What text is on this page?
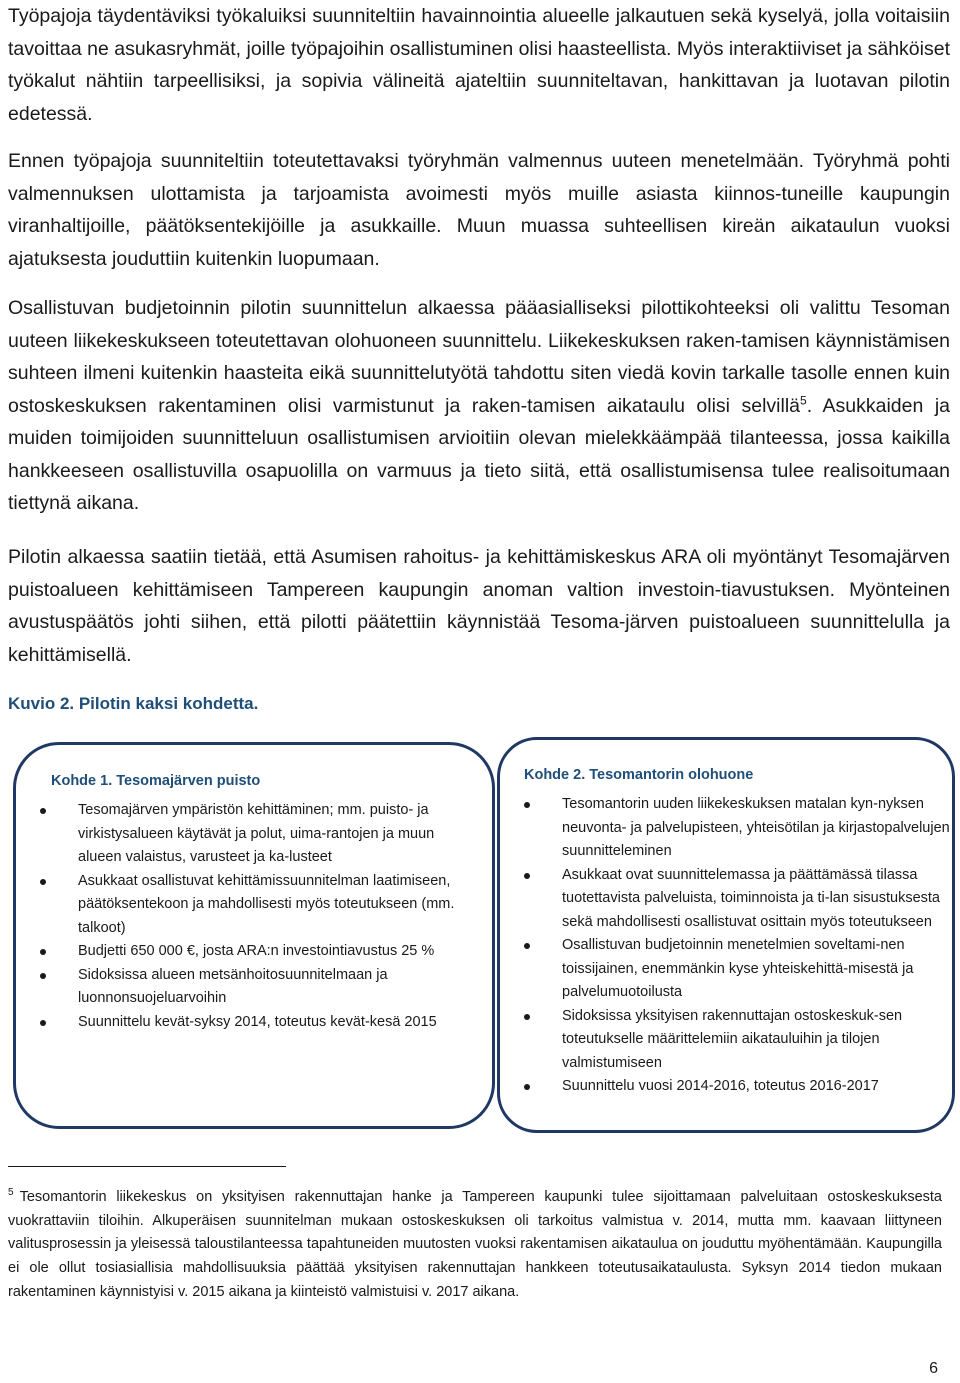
Työpajoja täydentäviksi työkaluiksi suunniteltiin havainnointia alueelle jalkautuen sekä kyselyä, jolla voitaisiin tavoittaa ne asukasryhmät, joille työpajoihin osallistuminen olisi haasteellista. Myös interaktiiviset ja sähköiset työkalut nähtiin tarpeellisiksi, ja sopivia välineitä ajateltiin suunniteltavan, hankittavan ja luotavan pilotin edetessä.
Ennen työpajoja suunniteltiin toteutettavaksi työryhmän valmennus uuteen menetelmään. Työryhmä pohti valmennuksen ulottamista ja tarjoamista avoimesti myös muille asiasta kiinnos-tuneille kaupungin viranhaltijoille, päätöksentekijöille ja asukkaille. Muun muassa suhteellisen kireän aikataulun vuoksi ajatuksesta jouduttiin kuitenkin luopumaan.
Osallistuvan budjetoinnin pilotin suunnittelun alkaessa pääasialliseksi pilottikohteeksi oli valittu Tesoman uuteen liikekeskukseen toteutettavan olohuoneen suunnittelu. Liikekeskuksen raken-tamisen käynnistämisen suhteen ilmeni kuitenkin haasteita eikä suunnittelutyötä tahdottu siten viedä kovin tarkalle tasolle ennen kuin ostoskeskuksen rakentaminen olisi varmistunut ja raken-tamisen aikataulu olisi selvillä$^5$. Asukkaiden ja muiden toimijoiden suunnitteluun osallistumisen arvioitiin olevan mielekkäämpää tilanteessa, jossa kaikilla hankkeeseen osallistuvilla osapuolilla on varmuus ja tieto siitä, että osallistumisensa tulee realisoitumaan tiettynä aikana.
Pilotin alkaessa saatiin tietää, että Asumisen rahoitus- ja kehittämiskeskus ARA oli myöntänyt Tesomajärven puistoalueen kehittämiseen Tampereen kaupungin anoman valtion investoin-tiavustuksen. Myönteinen avustuspäätös johti siihen, että pilotti päätettiin käynnistää Tesoma-järven puistoalueen suunnittelulla ja kehittämisellä.
Kuvio 2. Pilotin kaksi kohdetta.
Kohde 1. Tesomajärven puisto
Tesomajärven ympäristön kehittäminen; mm. puisto- ja virkistysalueen käytävät ja polut, uima-rantojen ja muun alueen valaistus, varusteet ja ka-lusteet
Asukkaat osallistuvat kehittämissuunnitelman laatimiseen, päätöksentekoon ja mahdollisesti myös toteutukseen (mm. talkoot)
Budjetti 650 000 €, josta ARA:n investointiavustus 25 %
Sidoksissa alueen metsänhoitosuunnitelmaan ja luonnonsuojeluarvoihin
Suunnittelu kevät-syksy 2014, toteutus kevät-kesä 2015
Kohde 2. Tesomantorin olohuone
Tesomantorin uuden liikekeskuksen matalan kyn-nyksen neuvonta- ja palvelupisteen, yhteisötilan ja kirjastopalvelujen suunnitteleminen
Asukkaat ovat suunnittelemassa ja päättämässä tilassa tuotettavista palveluista, toiminnoista ja ti-lan sisustuksesta sekä mahdollisesti osallistuvat osittain myös toteutukseen
Osallistuvan budjetoinnin menetelmien soveltami-nen toissijainen, enemmänkin kyse yhteiskehittä-misestä ja palvelumuotoilusta
Sidoksissa yksityisen rakennuttajan ostoskeskuk-sen toteutukselle määrittelemiin aikatauluihin ja tilojen valmistumiseen
Suunnittelu vuosi 2014-2016, toteutus 2016-2017
$^5$ Tesomantorin liikekeskus on yksityisen rakennuttajan hanke ja Tampereen kaupunki tulee sijoittamaan palveluitaan ostoskeskuksesta vuokrattaviin tiloihin. Alkuperäisen suunnitelman mukaan ostoskeskuksen oli tarkoitus valmistua v. 2014, mutta mm. kaavaan liittyneen valitusprosessin ja yleisessä taloustilanteessa tapahtuneiden muutosten vuoksi rakentamisen aikataulua on jouduttu myöhentämään. Kaupungilla ei ole ollut tosiasiallisia mahdollisuuksia päättää yksityisen rakennuttajan hankkeen toteutusaikataulusta. Syksyn 2014 tiedon mukaan rakentaminen käynnistyisi v. 2015 aikana ja kiinteistö valmistuisi v. 2017 aikana.
6
